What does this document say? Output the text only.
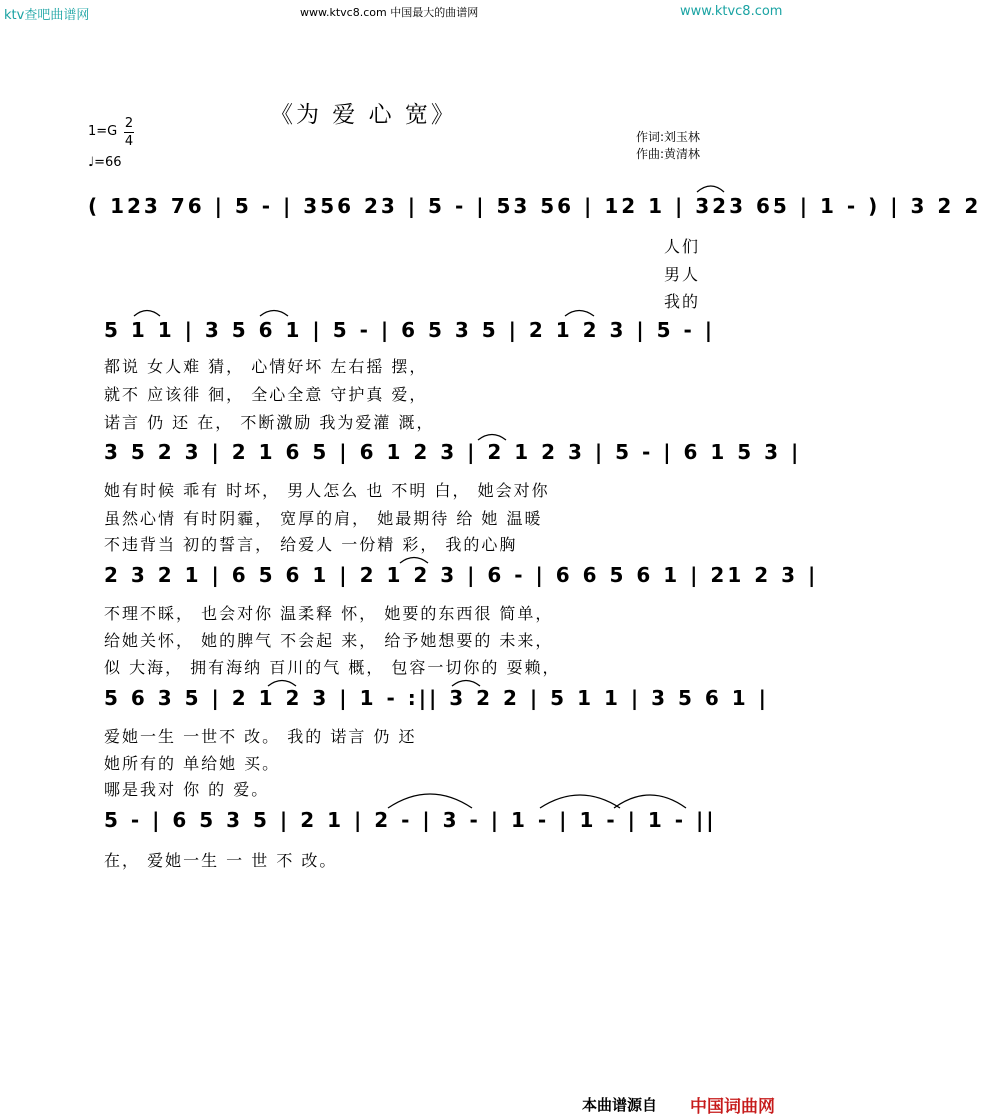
ktv查吧曲谱网	www.ktvc8.com 中国最大的曲谱网	www.ktvc8.com
《为 爱 心 宽》
1=G
2
4
♩=66
作词:刘玉林
作曲:黄清林
( 123 76 | 5 - | 356 23 | 5 - | 53 56 | 12 1 | 323 65 | 1 - ) | 3 2 2
人们
男人
我的
5 1 1 | 3 5 6 1 | 5 - | 6 5 3 5 | 2 1 2 3 | 5 - |
都说 女人难 猜， 心情好坏 左右摇 摆，
就不 应该徘 徊， 全心全意 守护真 爱，
诺言 仍 还 在， 不断激励 我为爱灌 溉，
3 5 2 3 | 2 1 6 5 | 6 1 2 3 | 2 1 2 3 | 5 - | 6 1 5 3 |
她有时候 乖有 时坏， 男人怎么 也 不明 白， 她会对你
虽然心情 有时阴霾， 宽厚的肩， 她最期待 给 她 温暖
不违背当 初的誓言， 给爱人 一份精 彩， 我的心胸
2 3 2 1 | 6 5 6 1 | 2 1 2 3 | 6 - | 6 6 5 6 1 | 21 2 3 |
不理不睬， 也会对你 温柔释 怀， 她要的东西很 简单，
给她关怀， 她的脾气 不会起 来， 给予她想要的 未来，
似 大海， 拥有海纳 百川的气 概， 包容一切你的 耍赖，
5 6 3 5 | 2 1 2 3 | 1 - :|| 3 2 2 | 5 1 1 | 3 5 6 1 |
爱她一生 一世不 改。 我的 诺言 仍 还
她所有的 单给她 买。
哪是我对 你 的 爱。
5 - | 6 5 3 5 | 2 1 | 2 - | 3 - | 1 - | 1 - | 1 - ||
在， 爱她一生 一 世 不 改。
本曲谱源自 中国词曲网
